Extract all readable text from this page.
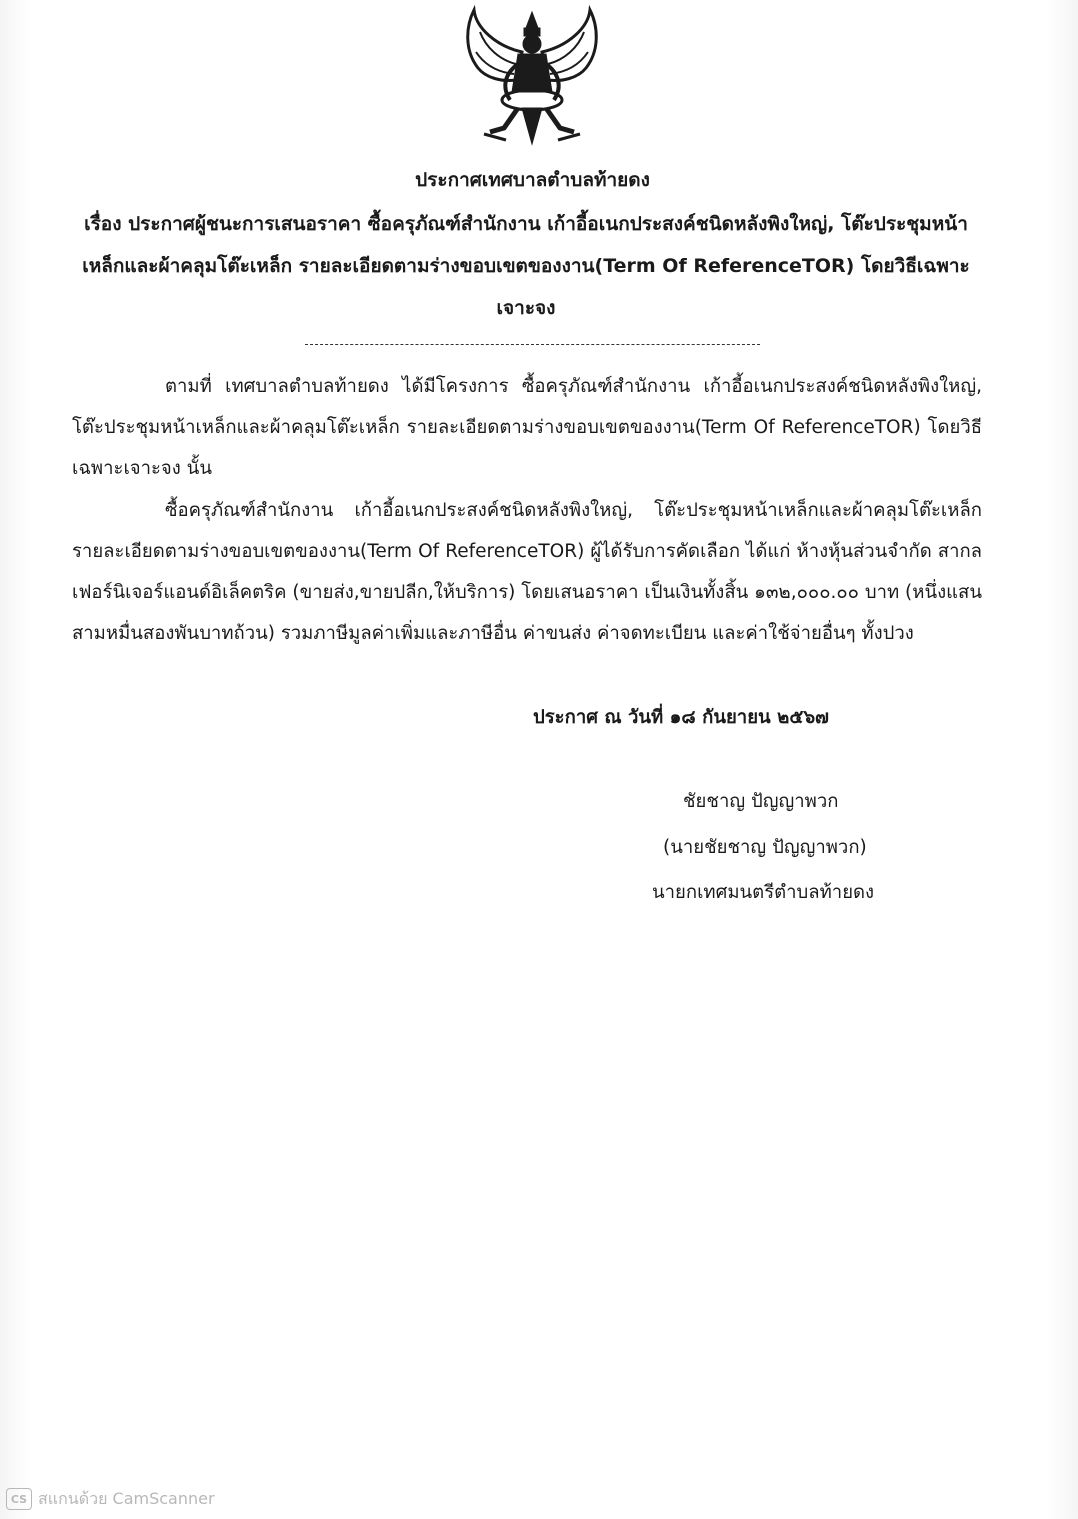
ประกาศเทศบาลตำบลท้ายดง
เรื่อง ประกาศผู้ชนะการเสนอราคา ซื้อครุภัณฑ์สำนักงาน เก้าอี้อเนกประสงค์ชนิดหลังพิงใหญ่, โต๊ะประชุมหน้าเหล็กและผ้าคลุมโต๊ะเหล็ก รายละเอียดตามร่างขอบเขตของงาน(Term Of ReferenceTOR) โดยวิธีเฉพาะเจาะจง
ตามที่ เทศบาลตำบลท้ายดง ได้มีโครงการ ซื้อครุภัณฑ์สำนักงาน เก้าอี้อเนกประสงค์ชนิดหลังพิงใหญ่, โต๊ะประชุมหน้าเหล็กและผ้าคลุมโต๊ะเหล็ก รายละเอียดตามร่างขอบเขตของงาน(Term Of ReferenceTOR) โดยวิธีเฉพาะเจาะจง นั้น
ซื้อครุภัณฑ์สำนักงาน เก้าอี้อเนกประสงค์ชนิดหลังพิงใหญ่, โต๊ะประชุมหน้าเหล็กและผ้าคลุมโต๊ะเหล็ก รายละเอียดตามร่างขอบเขตของงาน(Term Of ReferenceTOR) ผู้ได้รับการคัดเลือก ได้แก่ ห้างหุ้นส่วนจำกัด สากล เฟอร์นิเจอร์แอนด์อิเล็คตริค (ขายส่ง,ขายปลีก,ให้บริการ) โดยเสนอราคา เป็นเงินทั้งสิ้น ๑๓๒,๐๐๐.๐๐ บาท (หนึ่งแสนสามหมื่นสองพันบาทถ้วน) รวมภาษีมูลค่าเพิ่มและภาษีอื่น ค่าขนส่ง ค่าจดทะเบียน และค่าใช้จ่ายอื่นๆ ทั้งปวง
ประกาศ ณ วันที่ ๑๘ กันยายน ๒๕๖๗
ชัยชาญ ปัญญาพวก
(นายชัยชาญ ปัญญาพวก)
นายกเทศมนตรีตำบลท้ายดง
CS สแกนด้วย CamScanner
